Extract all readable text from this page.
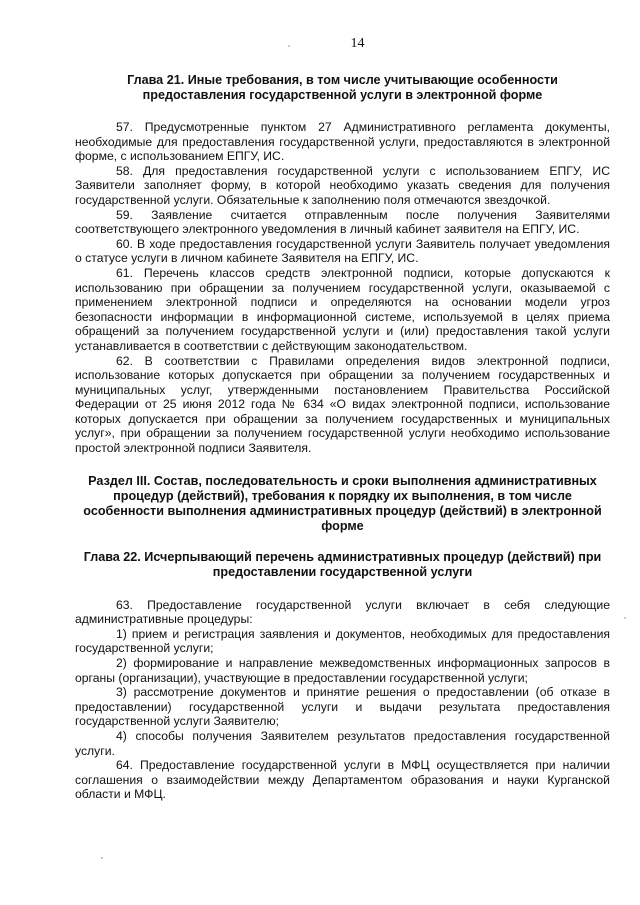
14
Глава 21. Иные требования, в том числе учитывающие особенности предоставления государственной услуги в электронной форме

57. Предусмотренные пунктом 27 Административного регламента документы, необходимые для предоставления государственной услуги, предоставляются в электронной форме, с использованием ЕПГУ, ИС.

58. Для предоставления государственной услуги с использованием ЕПГУ, ИС Заявители заполняет форму, в которой необходимо указать сведения для получения государственной услуги. Обязательные к заполнению поля отмечаются звездочкой.

59. Заявление считается отправленным после получения Заявителями соответствующего электронного уведомления в личный кабинет заявителя на ЕПГУ, ИС.

60. В ходе предоставления государственной услуги Заявитель получает уведомления о статусе услуги в личном кабинете Заявителя на ЕПГУ, ИС.

61. Перечень классов средств электронной подписи, которые допускаются к использованию при обращении за получением государственной услуги, оказываемой с применением электронной подписи и определяются на основании модели угроз безопасности информации в информационной системе, используемой в целях приема обращений за получением государственной услуги и (или) предоставления такой услуги устанавливается в соответствии с действующим законодательством.

62. В соответствии с Правилами определения видов электронной подписи, использование которых допускается при обращении за получением государственных и муниципальных услуг, утвержденными постановлением Правительства Российской Федерации от 25 июня 2012 года № 634 «О видах электронной подписи, использование которых допускается при обращении за получением государственных и муниципальных услуг», при обращении за получением государственной услуги необходимо использование простой электронной подписи Заявителя.

Раздел III. Состав, последовательность и сроки выполнения административных процедур (действий), требования к порядку их выполнения, в том числе особенности выполнения административных процедур (действий) в электронной форме
Глава 22. Исчерпывающий перечень административных процедур (действий) при предоставлении государственной услуги

63. Предоставление государственной услуги включает в себя следующие административные процедуры:

1) прием и регистрация заявления и документов, необходимых для предоставления государственной услуги;

2) формирование и направление межведомственных информационных запросов в органы (организации), участвующие в предоставлении государственной услуги;

3) рассмотрение документов и принятие решения о предоставлении (об отказе в предоставлении) государственной услуги и выдачи результата предоставления государственной услуги Заявителю;

4) способы получения Заявителем результатов предоставления государственной услуги.

64. Предоставление государственной услуги в МФЦ осуществляется при наличии соглашения о взаимодействии между Департаментом образования и науки Курганской области и МФЦ.
